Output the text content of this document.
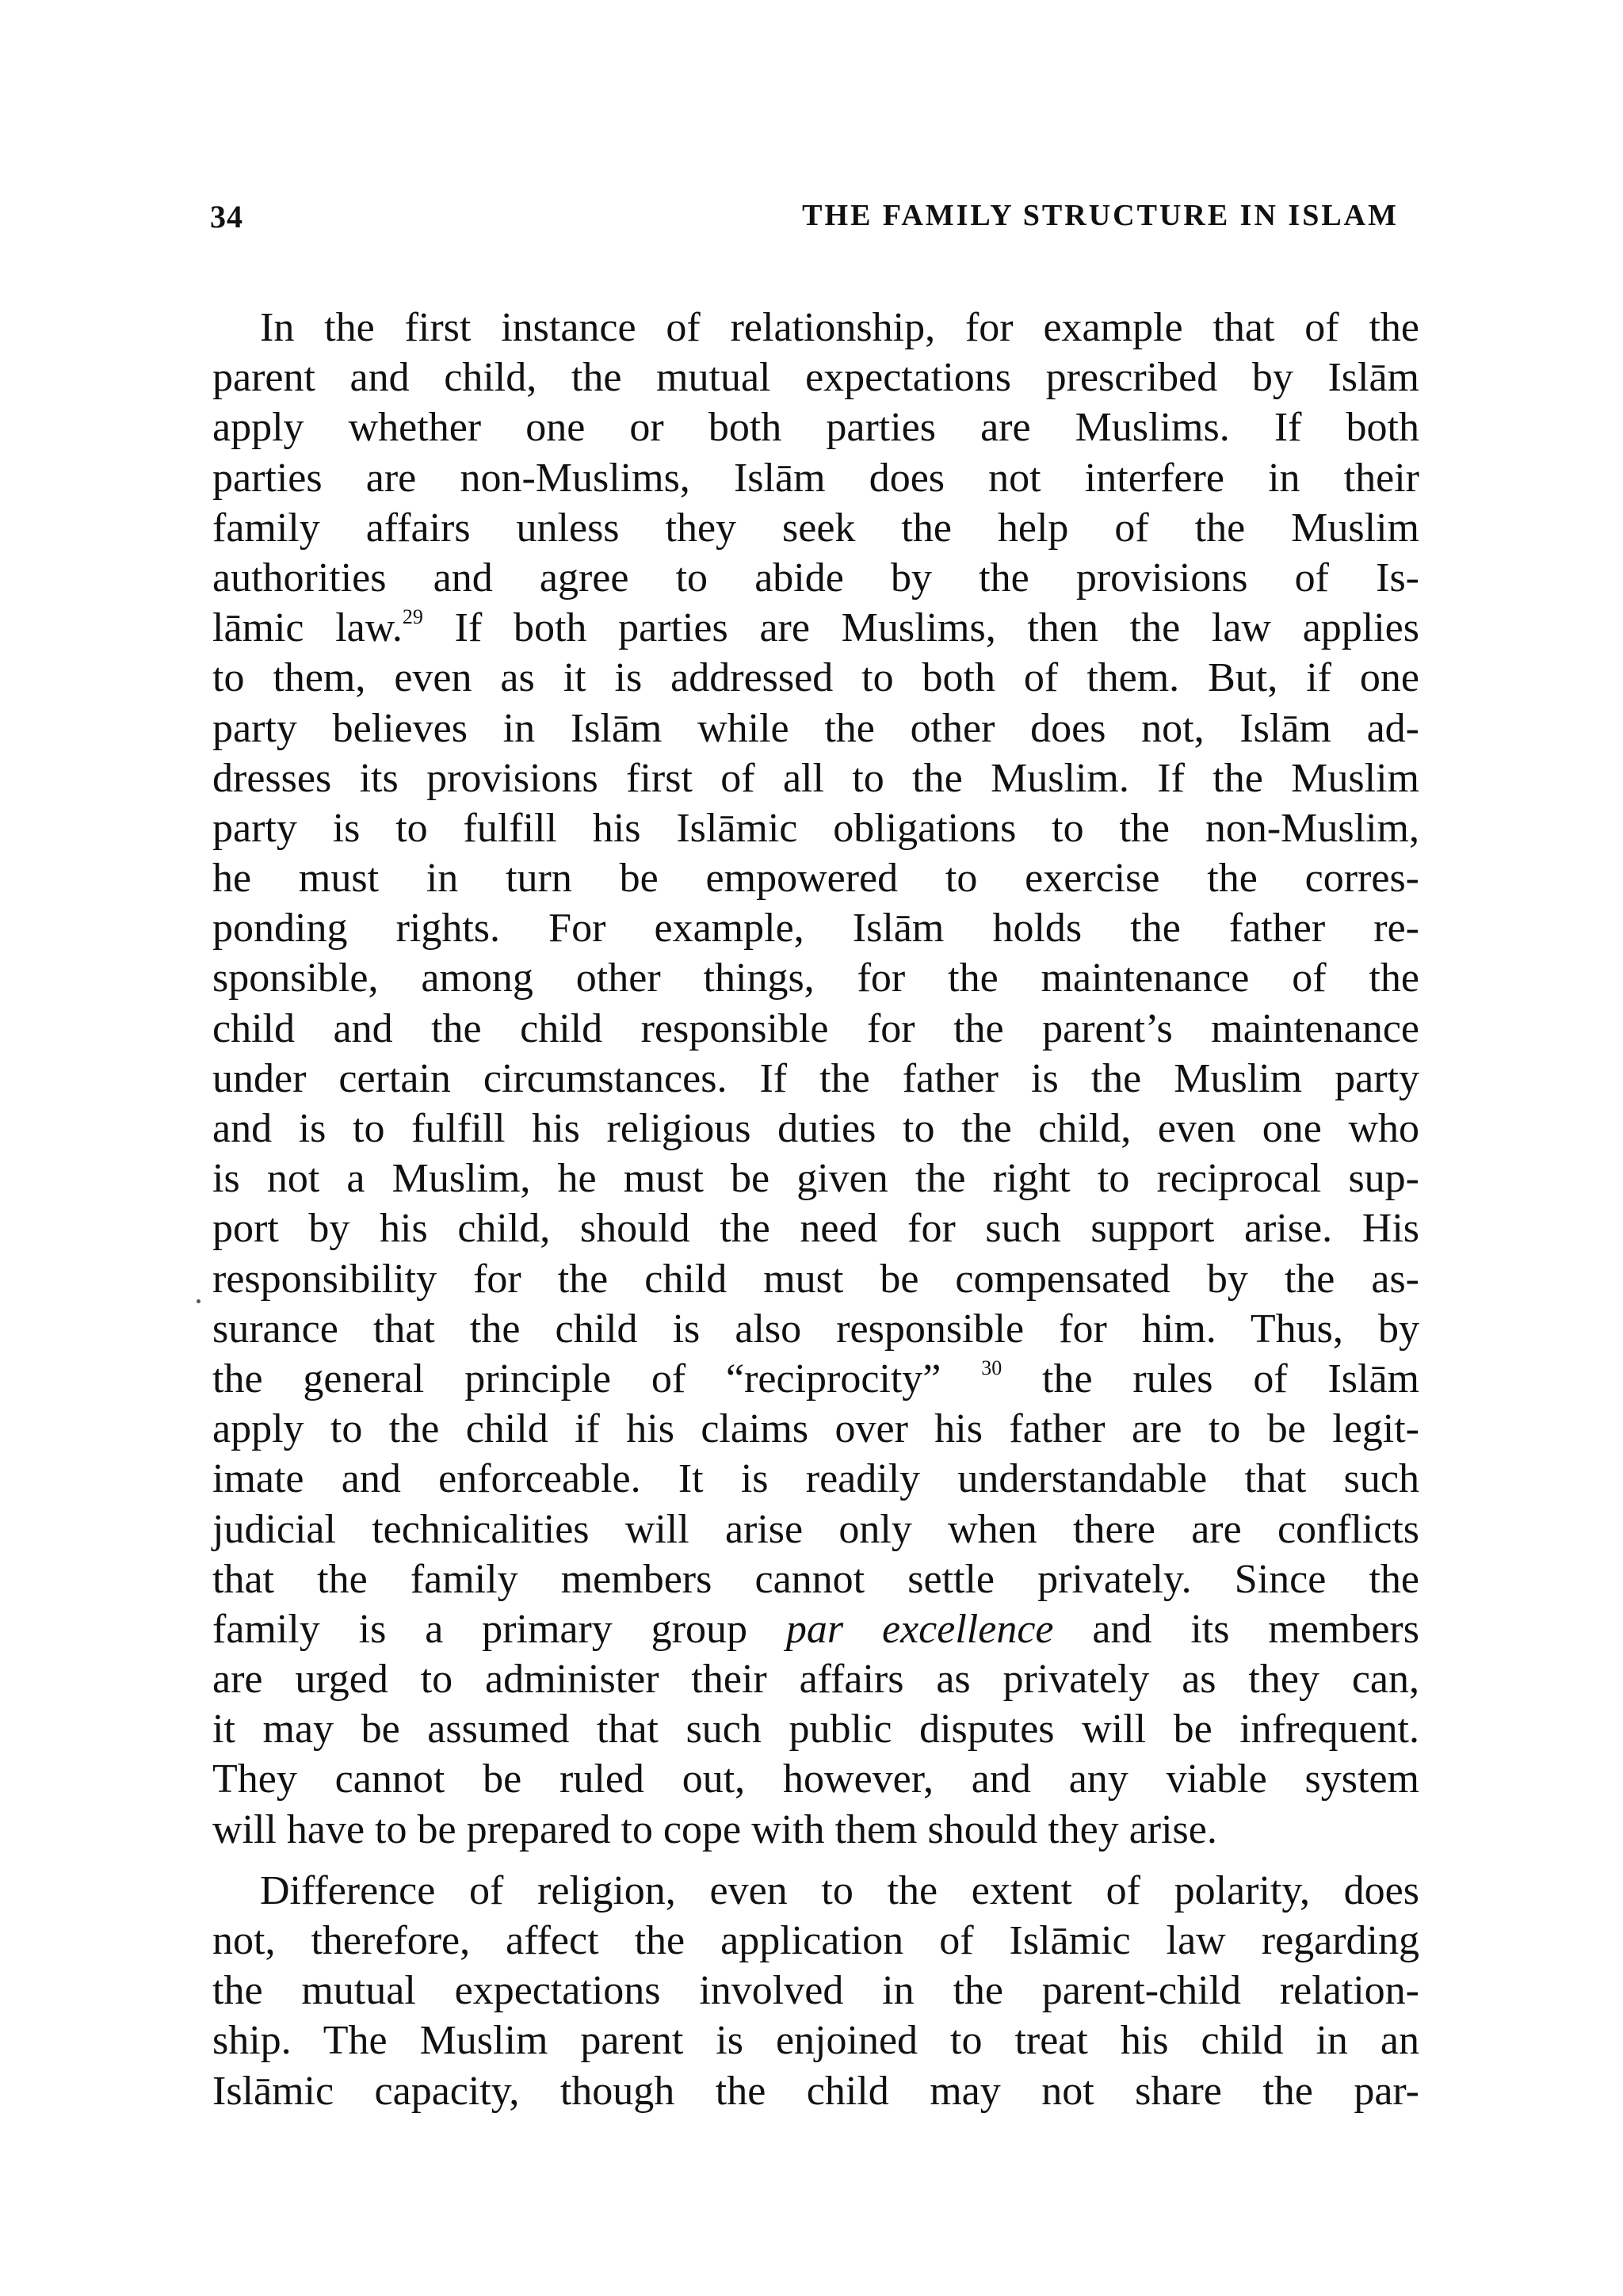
34	THE FAMILY STRUCTURE IN ISLAM
In the first instance of relationship, for example that of the
parent and child, the mutual expectations prescribed by Islām
apply whether one or both parties are Muslims. If both
parties are non-Muslims, Islām does not interfere in their
family affairs unless they seek the help of the Muslim
authorities and agree to abide by the provisions of Is-
lāmic law.$^{29}$ If both parties are Muslims, then the law applies
to them, even as it is addressed to both of them. But, if one
party believes in Islām while the other does not, Islām ad-
dresses its provisions first of all to the Muslim. If the Muslim
party is to fulfill his Islāmic obligations to the non-Muslim,
he must in turn be empowered to exercise the corres-
ponding rights. For example, Islām holds the father re-
sponsible, among other things, for the maintenance of the
child and the child responsible for the parent’s maintenance
under certain circumstances. If the father is the Muslim party
and is to fulfill his religious duties to the child, even one who
is not a Muslim, he must be given the right to reciprocal sup-
port by his child, should the need for such support arise. His
responsibility for the child must be compensated by the as-
surance that the child is also responsible for him. Thus, by
the general principle of “reciprocity” $^{30}$ the rules of Islām
apply to the child if his claims over his father are to be legit-
imate and enforceable. It is readily understandable that such
judicial technicalities will arise only when there are conflicts
that the family members cannot settle privately. Since the
family is a primary group par excellence and its members
are urged to administer their affairs as privately as they can,
it may be assumed that such public disputes will be infrequent.
They cannot be ruled out, however, and any viable system
will have to be prepared to cope with them should they arise.
Difference of religion, even to the extent of polarity, does
not, therefore, affect the application of Islāmic law regarding
the mutual expectations involved in the parent-child relation-
ship. The Muslim parent is enjoined to treat his child in an
Islāmic capacity, though the child may not share the par-
